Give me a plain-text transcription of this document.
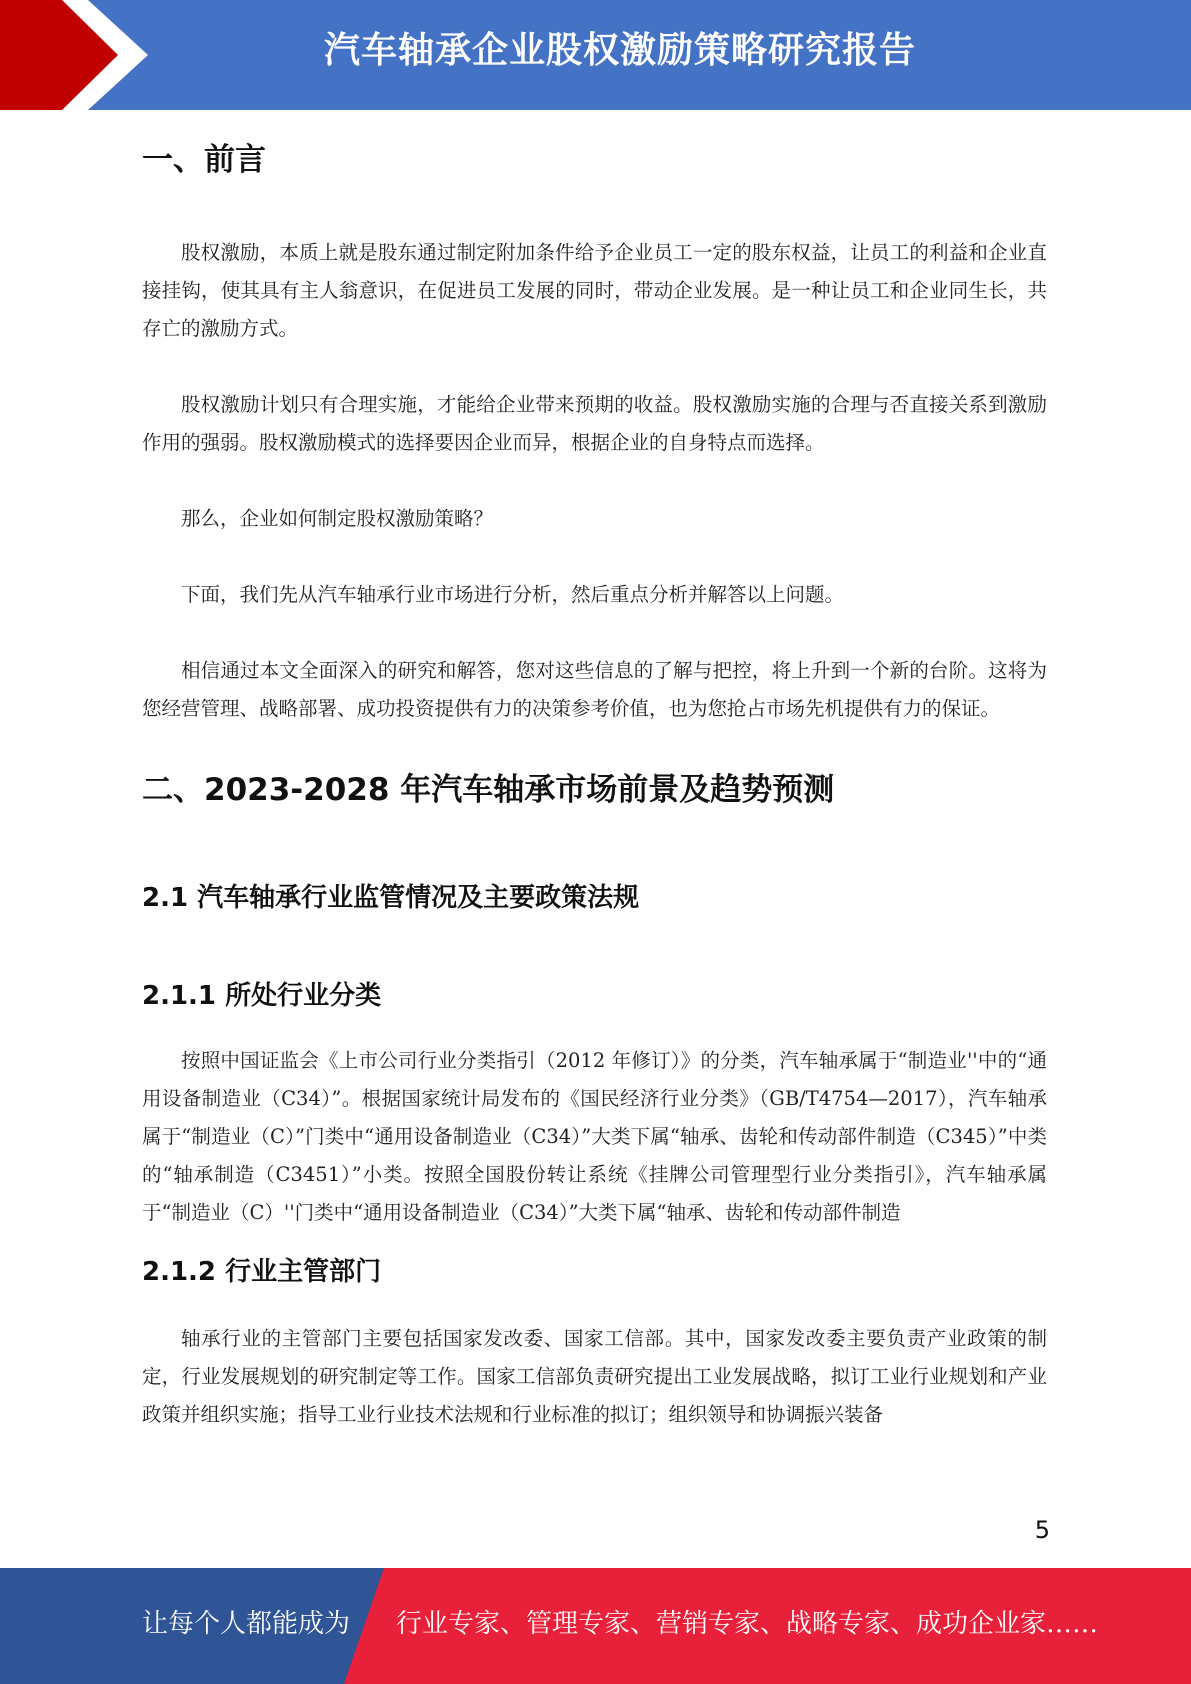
汽车轴承企业股权激励策略研究报告
一、前言

股权激励，本质上就是股东通过制定附加条件给予企业员工一定的股东权益，让员工的利益和企业直接挂钩，使其具有主人翁意识，在促进员工发展的同时，带动企业发展。是一种让员工和企业同生长，共存亡的激励方式。

股权激励计划只有合理实施，才能给企业带来预期的收益。股权激励实施的合理与否直接关系到激励作用的强弱。股权激励模式的选择要因企业而异，根据企业的自身特点而选择。

那么，企业如何制定股权激励策略？

下面，我们先从汽车轴承行业市场进行分析，然后重点分析并解答以上问题。

相信通过本文全面深入的研究和解答，您对这些信息的了解与把控，将上升到一个新的台阶。这将为您经营管理、战略部署、成功投资提供有力的决策参考价值，也为您抢占市场先机提供有力的保证。

二、2023-2028 年汽车轴承市场前景及趋势预测
2.1 汽车轴承行业监管情况及主要政策法规
2.1.1 所处行业分类

按照中国证监会《上市公司行业分类指引（2012 年修订）》的分类，汽车轴承属于“制造业''中的“通用设备制造业（C34）”。根据国家统计局发布的《国民经济行业分类》（GB/T4754—2017），汽车轴承属于“制造业（C）”门类中“通用设备制造业（C34）”大类下属“轴承、齿轮和传动部件制造（C345）”中类的“轴承制造（C3451）”小类。按照全国股份转让系统《挂牌公司管理型行业分类指引》，汽车轴承属于“制造业（C）''门类中“通用设备制造业（C34）”大类下属“轴承、齿轮和传动部件制造

2.1.2 行业主管部门

轴承行业的主管部门主要包括国家发改委、国家工信部。其中，国家发改委主要负责产业政策的制定，行业发展规划的研究制定等工作。国家工信部负责研究提出工业发展战略，拟订工业行业规划和产业政策并组织实施；指导工业行业技术法规和行业标准的拟订；组织领导和协调振兴装备

5
让每个人都能成为 行业专家、管理专家、营销专家、战略专家、成功企业家……
